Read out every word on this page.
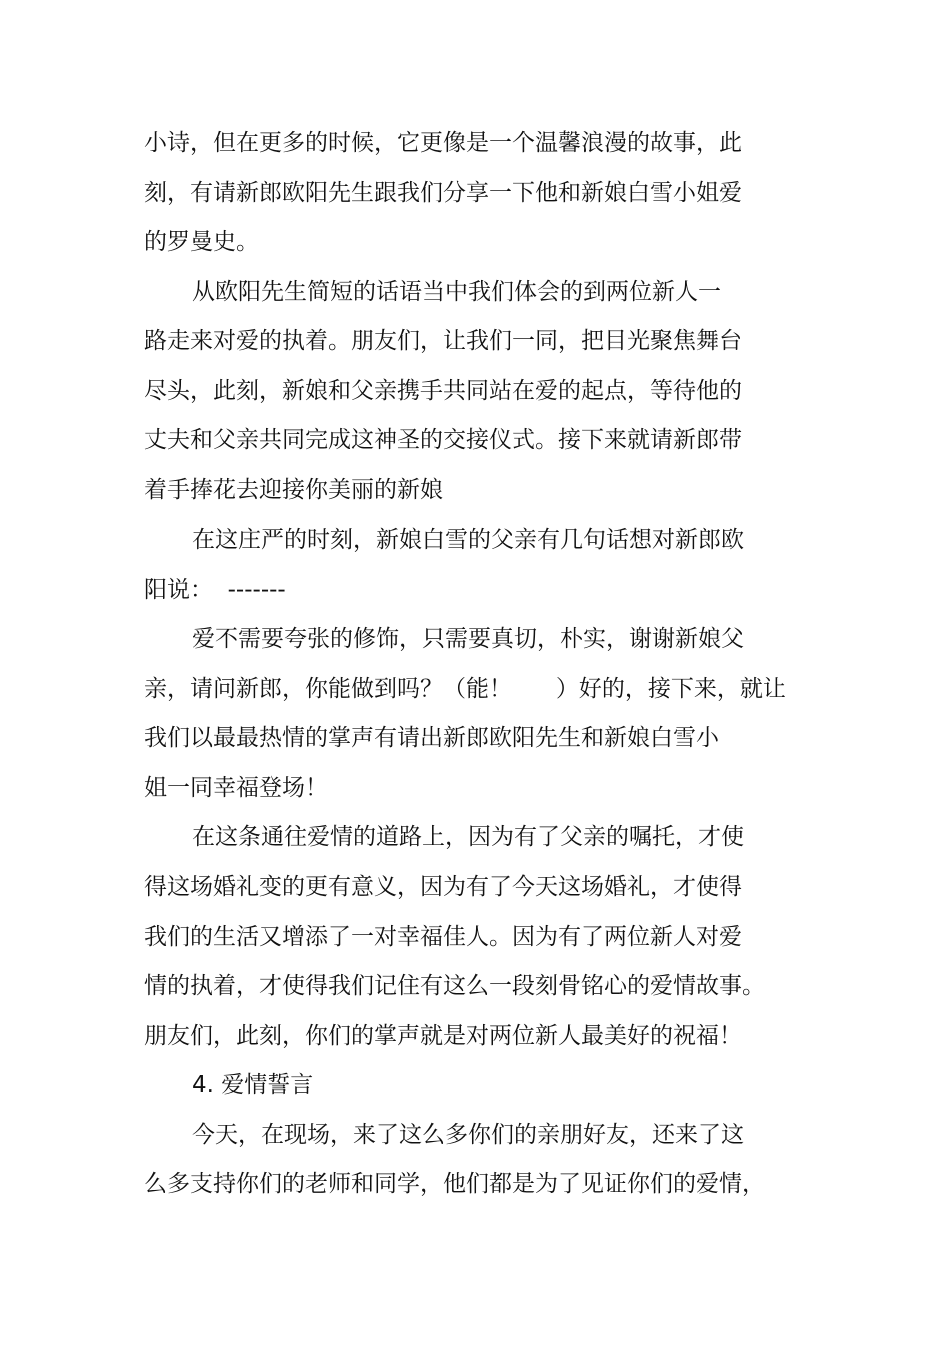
小诗，但在更多的时候，它更像是一个温馨浪漫的故事，此
刻，有请新郎欧阳先生跟我们分享一下他和新娘白雪小姐爱
的罗曼史。
从欧阳先生简短的话语当中我们体会的到两位新人一
路走来对爱的执着。朋友们，让我们一同，把目光聚焦舞台
尽头，此刻，新娘和父亲携手共同站在爱的起点，等待他的
丈夫和父亲共同完成这神圣的交接仪式。接下来就请新郎带
着手捧花去迎接你美丽的新娘
在这庄严的时刻，新娘白雪的父亲有几句话想对新郎欧
阳说：  -------
爱不需要夸张的修饰，只需要真切，朴实，谢谢新娘父
亲，请问新郎，你能做到吗？（能！      ）好的，接下来，就让
我们以最最热情的掌声有请出新郎欧阳先生和新娘白雪小
姐一同幸福登场！
在这条通往爱情的道路上，因为有了父亲的嘱托，才使
得这场婚礼变的更有意义，因为有了今天这场婚礼，才使得
我们的生活又增添了一对幸福佳人。因为有了两位新人对爱
情的执着，才使得我们记住有这么一段刻骨铭心的爱情故事。
朋友们，此刻，你们的掌声就是对两位新人最美好的祝福！
4. 爱情誓言
今天，在现场，来了这么多你们的亲朋好友，还来了这
么多支持你们的老师和同学，他们都是为了见证你们的爱情，
